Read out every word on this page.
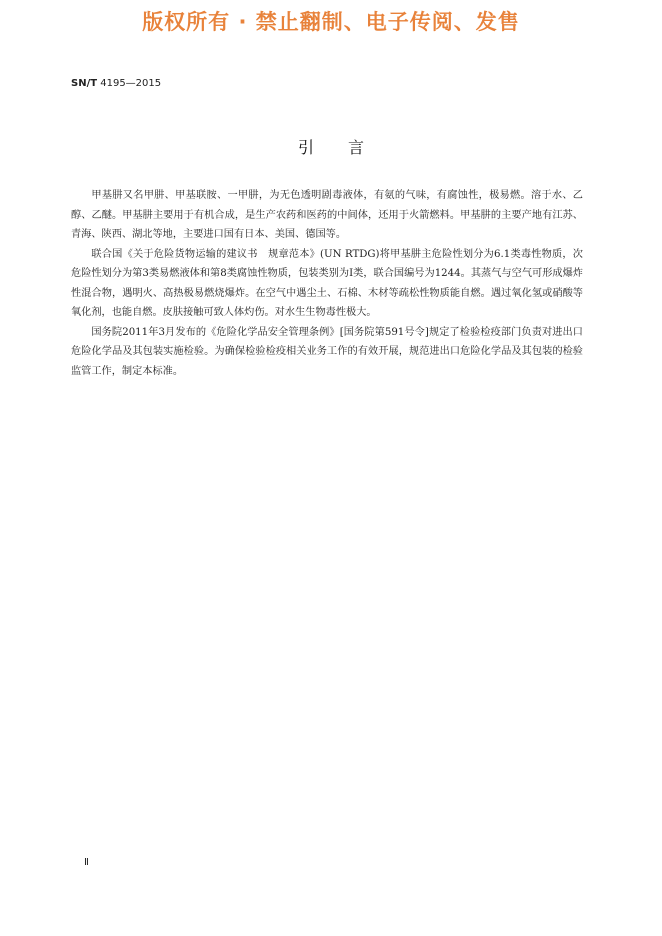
版权所有 · 禁止翻制、电子传阅、发售
SN/T 4195—2015
引言

甲基肼又名甲肼、甲基联胺、一甲肼，为无色透明剧毒液体，有氨的气味，有腐蚀性，极易燃。溶于水、乙醇、乙醚。甲基肼主要用于有机合成，是生产农药和医药的中间体，还用于火箭燃料。甲基肼的主要产地有江苏、青海、陕西、湖北等地，主要进口国有日本、美国、德国等。

联合国《关于危险货物运输的建议书　规章范本》(UN RTDG)将甲基肼主危险性划分为6.1类毒性物质，次危险性划分为第3类易燃液体和第8类腐蚀性物质，包装类别为Ⅰ类，联合国编号为1244。其蒸气与空气可形成爆炸性混合物，遇明火、高热极易燃烧爆炸。在空气中遇尘土、石棉、木材等疏松性物质能自燃。遇过氧化氢或硝酸等氧化剂，也能自燃。皮肤接触可致人体灼伤。对水生生物毒性极大。

国务院2011年3月发布的《危险化学品安全管理条例》[国务院第591号令]规定了检验检疫部门负责对进出口危险化学品及其包装实施检验。为确保检验检疫相关业务工作的有效开展，规范进出口危险化学品及其包装的检验监管工作，制定本标准。

Ⅱ
